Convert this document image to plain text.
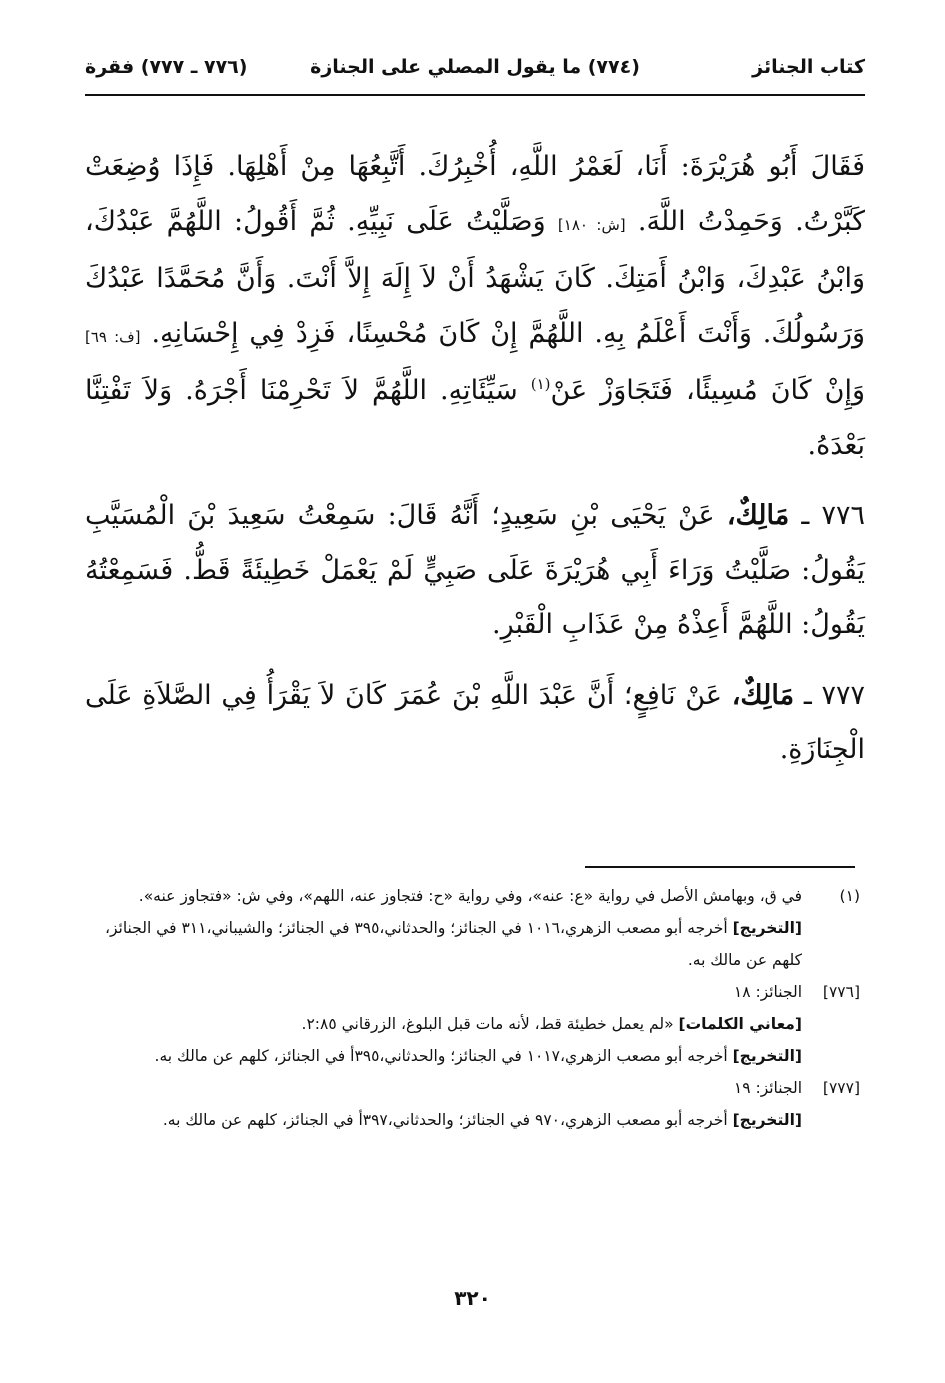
كتاب الجنائز
(٧٧٤) ما يقول المصلي على الجنازة
(٧٧٦ ـ ٧٧٧) فقرة

فَقَالَ أَبُو هُرَيْرَةَ: أَنَا، لَعَمْرُ اللَّهِ، أُخْبِرُكَ. أَتَّبِعُهَا مِنْ أَهْلِهَا. فَإِذَا وُضِعَتْ كَبَّرْتُ. وَحَمِدْتُ اللَّهَ. [ش: ١٨٠] وَصَلَّيْتُ عَلَى نَبِيِّهِ. ثُمَّ أَقُولُ: اللَّهُمَّ عَبْدُكَ، وَابْنُ عَبْدِكَ، وَابْنُ أَمَتِكَ. كَانَ يَشْهَدُ أَنْ لاَ إِلَهَ إِلاَّ أَنْتَ. وَأَنَّ مُحَمَّدًا عَبْدُكَ وَرَسُولُكَ. وَأَنْتَ أَعْلَمُ بِهِ. اللَّهُمَّ إِنْ كَانَ مُحْسِنًا، فَزِدْ فِي إِحْسَانِهِ. [ف: ٦٩] وَإِنْ كَانَ مُسِيئًا، فَتَجَاوَزْ عَنْ$^{(١)}$ سَيِّئَاتِهِ. اللَّهُمَّ لاَ تَحْرِمْنَا أَجْرَهُ. وَلاَ تَفْتِنَّا بَعْدَهُ.

٧٧٦ ـ مَالِكٌ، عَنْ يَحْيَى بْنِ سَعِيدٍ؛ أَنَّهُ قَالَ: سَمِعْتُ سَعِيدَ بْنَ الْمُسَيَّبِ يَقُولُ: صَلَّيْتُ وَرَاءَ أَبِي هُرَيْرَةَ عَلَى صَبِيٍّ لَمْ يَعْمَلْ خَطِيئَةً قَطُّ. فَسَمِعْتُهُ يَقُولُ: اللَّهُمَّ أَعِذْهُ مِنْ عَذَابِ الْقَبْرِ.

٧٧٧ ـ مَالِكٌ، عَنْ نَافِعٍ؛ أَنَّ عَبْدَ اللَّهِ بْنَ عُمَرَ كَانَ لاَ يَقْرَأُ فِي الصَّلاَةِ عَلَى الْجِنَازَةِ.

(١)

في ق، وبهامش الأصل في رواية «ع: عنه»، وفي رواية «ح: فتجاوز عنه، اللهم»، وفي ش: «فتجاوز عنه».

[التخريج] أخرجه أبو مصعب الزهري،١٠١٦ في الجنائز؛ والحدثاني،٣٩٥ في الجنائز؛ والشيباني،٣١١ في الجنائز، كلهم عن مالك به.

[٧٧٦]

الجنائز: ١٨

[معاني الكلمات] «لم يعمل خطيئة قط، لأنه مات قبل البلوغ، الزرقاني ٢:٨٥.

[التخريج] أخرجه أبو مصعب الزهري،١٠١٧ في الجنائز؛ والحدثاني،٣٩٥أ في الجنائز، كلهم عن مالك به.

[٧٧٧]

الجنائز: ١٩

[التخريج] أخرجه أبو مصعب الزهري،٩٧٠ في الجنائز؛ والحدثاني،٣٩٧أ في الجنائز، كلهم عن مالك به.

٣٢٠
